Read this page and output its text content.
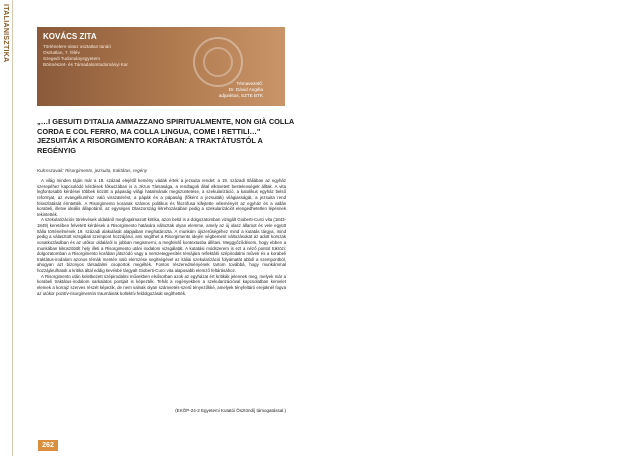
ITALIANISZTIKA	KOVÁCS ZITA
Történelem-olasz osztatlan tanári
Osztatlan, 7. félév
Szegedi Tudományegyetem
Bölcsészet- és Társadalomtudományi Kar
Témavezető:
Dr. Dávid Angéla
adjunktus, SZTE BTK
„…I GESUITI D'ITALIA AMMAZZANO SPIRITUALMENTE, NON GIÀ COLLA CORDA E COL FERRO, MA COLLA LINGUA, COME I RETTILI…" JEZSUITÁK A RISORGIMENTO KORÁBAN: A TRAKTÁTUSTÓL A REGÉNYIG
Kulcsszavak: Risorgimento, jezsuita, traktátus, regény

A világ minden táján már a 18. század elejétől kemény vádak értek a jezsuita rendet: a 19. századi Itáliában az egyház szerepéhez kapcsolódó kérdések fókuszában is a Jézus Társasága, a rendtagok által elkövetett bestelenségek álltak. A vita legfontosabb kérdései többek között a pápaság világi hatalmának megszüntetése, a szekularizáció, a katolikus egyház belső reformjat, az evangéliumhoz való visszatérést, a pápák és a pápaság (főként a jezsuiták) világiasságát, a jezsuita rend feloszlatását érintették. A Risorgimento koranak számos politikus és filozófusa kifejtette véleményét az egyház és a vallás korabeli, illetve ideális állapotáról, az egységes Olaszország létrehozásában pedig a szekularizációt elengedhetetlen lépésnek tekintették.

A szekularizációs törekvések oldaláról megfogalmazott kritika, azon belül is a dolgozatomban vizsgált Gioberti-Curci vita (1843-1849) keretében felvetett kérdések a Risorgimento hatására változtak olyan elemme, amely az új olasz államot és vele együtt Itália történelmének 19. századi alakulását alapjaiban meghatározta. A munkám újszerűségéhez mind a kutatás tárgya, mind pedig a választott vizsgálati szempont hozzájárul, ami segíthet a Risorgimento idején végbement változásokat az adott korszak vonatkozásában és az utókor oldaláról is jobban megismerni, a megfelelő kontextusba állítani. Meggyőződésem, hogy ebben a munkában kiküszöbölt hely illeti a Risorgimento utáni irodalom vizsgálatát. A kutatási módszerem is ezt a néző pontot tükrözi: dolgozatomban a Risorgimento korában játszódó vagy a nemzetegyesítés témájára reflektáló szépirodalmi művek és a korabeli traktátus-irodalom azonos témák mentén való elemzése segítségével az itáliai szekularizáció folyamatát abból a szempontból, ahogyan azt bizonyos társadalmi csoportok megélték. Fontos részeredményének tartom továbbá, hogy munkámmal hozzájárulhatok a kritika által eddig kevésbé tárgyalt Gioberti-Curci vita alaposabb elemző feltárásához.

A Risorgimento után keletkezett szépirodalmi művekben elsősorban azok az egyházat ért kritikák jelennek meg, melyek már a korabeli traktátus-irodalom sarkalatos pontjait is képezték. Tehát a regényekben a szekularizációval kapcsolatban kemelet elemek a korrajz szerves részét képezik, de nem valnak olyan számvetés-szerű tényezőkké, amelyek tényfeltáró erejüknél fogva az utókor pozitív-risorgimentós traumáinak kollektív feldolgozását segíthették.

(EKÖP-24-2 Egyetemi Kutatói Ösztöndíj támogatással.)
262
